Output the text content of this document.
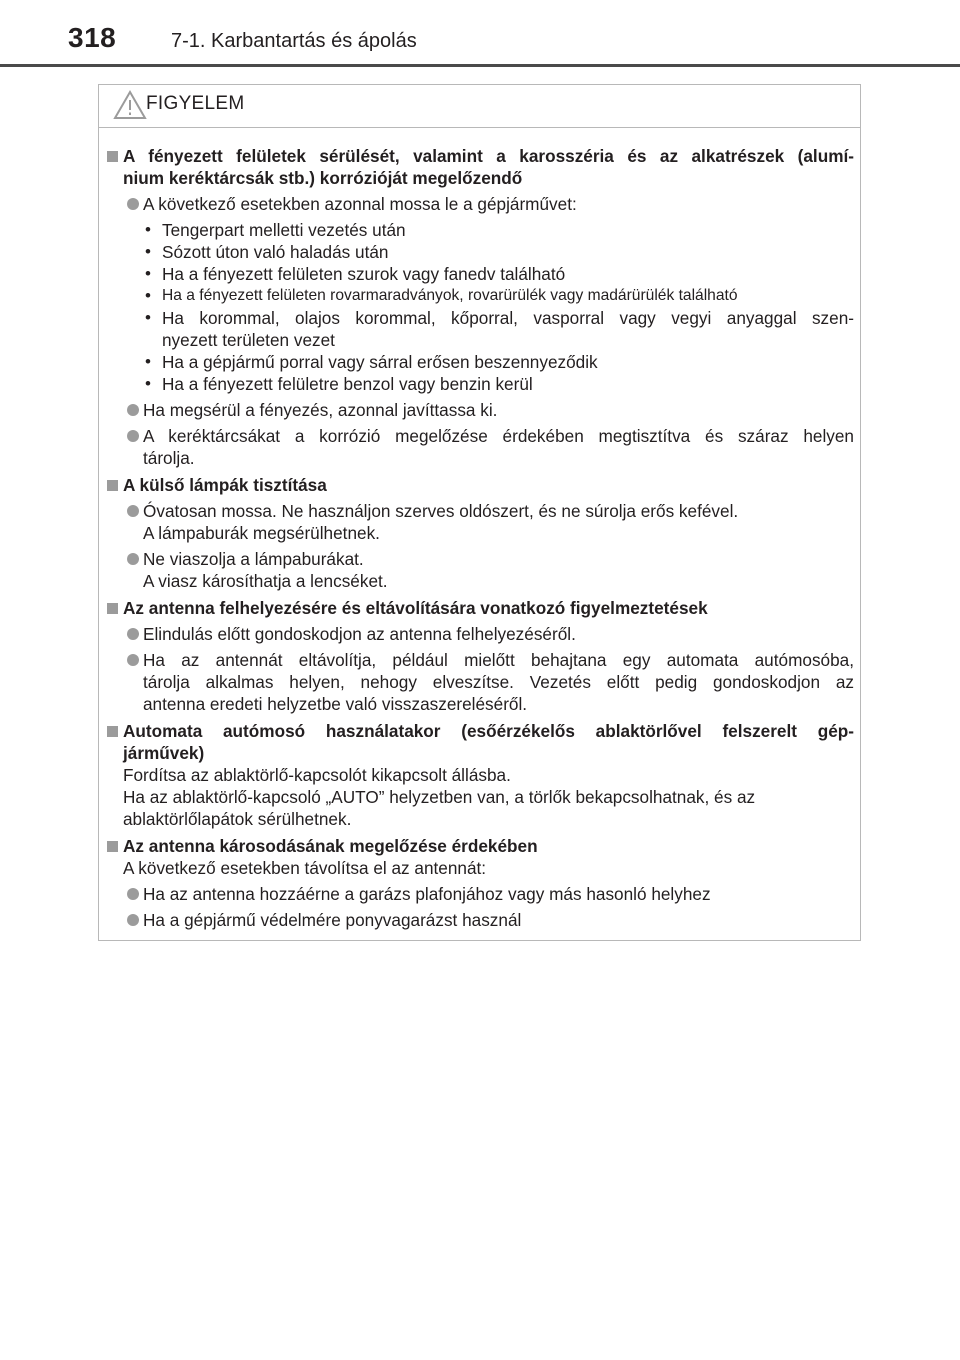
318	7-1. Karbantartás és ápolás
FIGYELEM
A fényezett felületek sérülését, valamint a karosszéria és az alkatrészek (alumí-
nium keréktárcsák stb.) korrózióját megelőzendő
A következő esetekben azonnal mossa le a gépjárművet:
• Tengerpart melletti vezetés után
• Sózott úton való haladás után
• Ha a fényezett felületen szurok vagy fanedv található
• Ha a fényezett felületen rovarmaradványok, rovarürülék vagy madárürülék található
• Ha korommal, olajos korommal, kőporral, vasporral vagy vegyi anyaggal szen-
nyezett területen vezet
• Ha a gépjármű porral vagy sárral erősen beszennyeződik
• Ha a fényezett felületre benzol vagy benzin kerül
Ha megsérül a fényezés, azonnal javíttassa ki.
A keréktárcsákat a korrózió megelőzése érdekében megtisztítva és száraz helyen
tárolja.
A külső lámpák tisztítása
Óvatosan mossa. Ne használjon szerves oldószert, és ne súrolja erős kefével.
A lámpaburák megsérülhetnek.
Ne viaszolja a lámpaburákat.
A viasz károsíthatja a lencséket.
Az antenna felhelyezésére és eltávolítására vonatkozó figyelmeztetések
Elindulás előtt gondoskodjon az antenna felhelyezéséről.
Ha az antennát eltávolítja, például mielőtt behajtana egy automata autómosóba,
tárolja alkalmas helyen, nehogy elveszítse. Vezetés előtt pedig gondoskodjon az
antenna eredeti helyzetbe való visszaszereléséről.
Automata autómosó használatakor (esőérzékelős ablaktörlővel felszerelt gép-
járművek)
Fordítsa az ablaktörlő-kapcsolót kikapcsolt állásba.
Ha az ablaktörlő-kapcsoló „AUTO” helyzetben van, a törlők bekapcsolhatnak, és az
ablaktörlőlapátok sérülhetnek.
Az antenna károsodásának megelőzése érdekében
A következő esetekben távolítsa el az antennát:
Ha az antenna hozzáérne a garázs plafonjához vagy más hasonló helyhez
Ha a gépjármű védelmére ponyvagarázst használ
